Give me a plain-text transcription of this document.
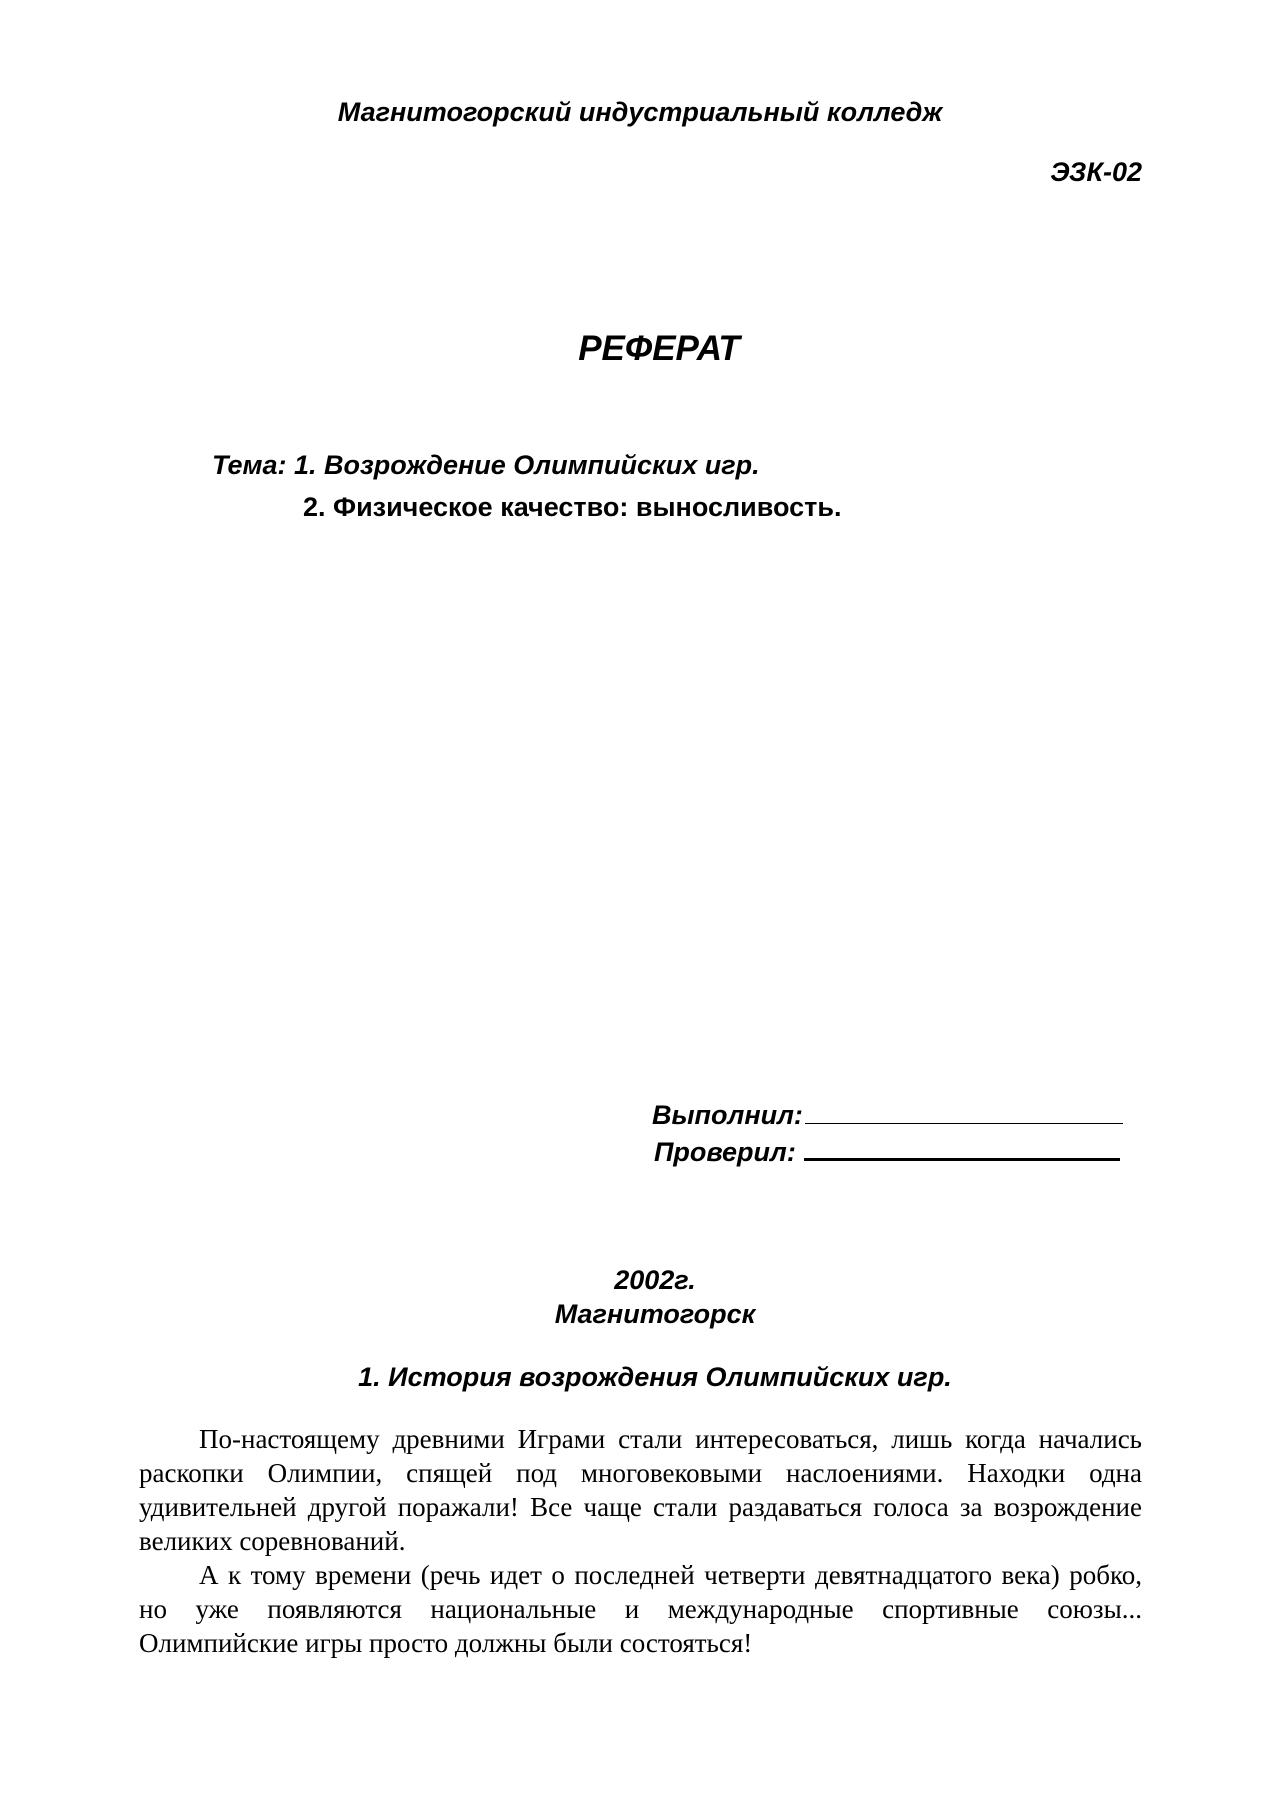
Магнитогорский индустриальный колледж
ЭЗК-02
РЕФЕРАТ
Тема: 1. Возрождение Олимпийских игр.
2. Физическое качество: выносливость.
Выполнил:
Проверил:
2002г.
Магнитогорск
1. История возрождения Олимпийских игр.

По-настоящему древними Играми стали интересоваться, лишь когда начались раскопки Олимпии, спящей под многовековыми наслоениями. Находки одна удивительней другой поражали! Все чаще стали раздаваться голоса за возрождение великих соревнований.

А к тому времени (речь идет о последней четверти девятнадцатого века) робко, но уже появляются национальные и международные спортивные союзы... Олимпийские игры просто должны были состояться!
